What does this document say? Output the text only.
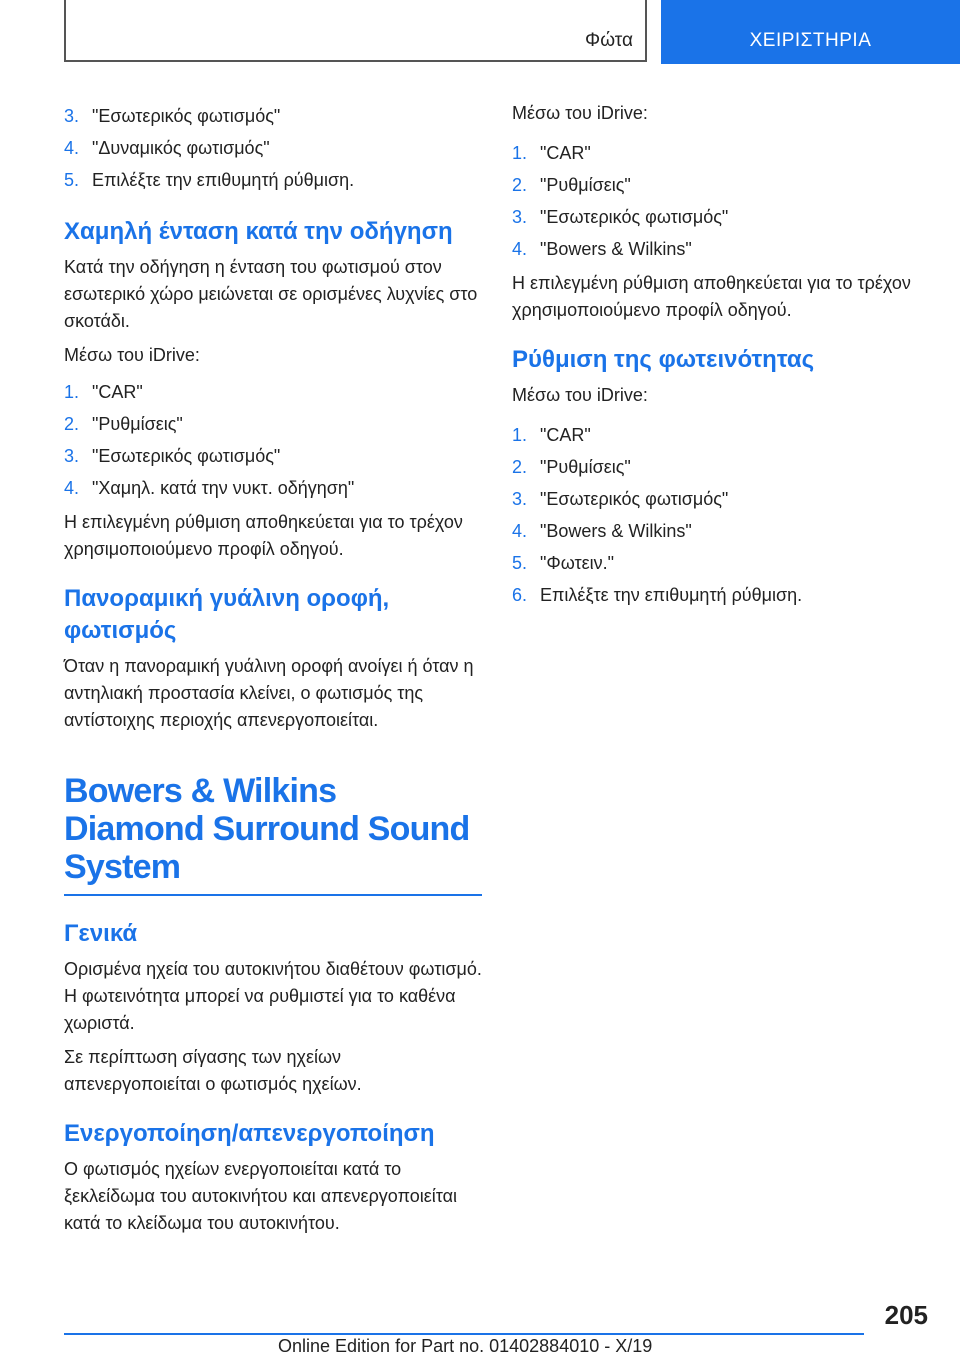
Φώτα	ΧΕΙΡΙΣΤΗΡΙΑ
3. "Εσωτερικός φωτισμός"
4. "Δυναμικός φωτισμός"
5. Επιλέξτε την επιθυμητή ρύθμιση.
Χαμηλή ένταση κατά την οδήγηση

Κατά την οδήγηση η ένταση του φωτισμού στον εσωτερικό χώρο μειώνεται σε ορισμένες λυχνίες στο σκοτάδι.

Μέσω του iDrive:

1. "CAR"
2. "Ρυθμίσεις"
3. "Εσωτερικός φωτισμός"
4. "Χαμηλ. κατά την νυκτ. οδήγηση"

Η επιλεγμένη ρύθμιση αποθηκεύεται για το τρέχον χρησιμοποιούμενο προφίλ οδηγού.

Πανοραμική γυάλινη οροφή, φωτισμός

Όταν η πανοραμική γυάλινη οροφή ανοίγει ή όταν η αντηλιακή προστασία κλείνει, ο φωτισμός της αντίστοιχης περιοχής απενεργοποιείται.

Bowers & Wilkins Diamond Surround Sound System
Γενικά

Ορισμένα ηχεία του αυτοκινήτου διαθέτουν φωτισμό. Η φωτεινότητα μπορεί να ρυθμιστεί για το καθένα χωριστά.

Σε περίπτωση σίγασης των ηχείων απενεργοποιείται ο φωτισμός ηχείων.

Ενεργοποίηση/απενεργοποίηση

Ο φωτισμός ηχείων ενεργοποιείται κατά το ξεκλείδωμα του αυτοκινήτου και απενεργοποιείται κατά το κλείδωμα του αυτοκινήτου.

Μέσω του iDrive:

1. "CAR"
2. "Ρυθμίσεις"
3. "Εσωτερικός φωτισμός"
4. "Bowers & Wilkins"

Η επιλεγμένη ρύθμιση αποθηκεύεται για το τρέχον χρησιμοποιούμενο προφίλ οδηγού.

Ρύθμιση της φωτεινότητας

Μέσω του iDrive:

1. "CAR"
2. "Ρυθμίσεις"
3. "Εσωτερικός φωτισμός"
4. "Bowers & Wilkins"
5. "Φωτειν."
6. Επιλέξτε την επιθυμητή ρύθμιση.
205
Online Edition for Part no. 01402884010 - X/19
